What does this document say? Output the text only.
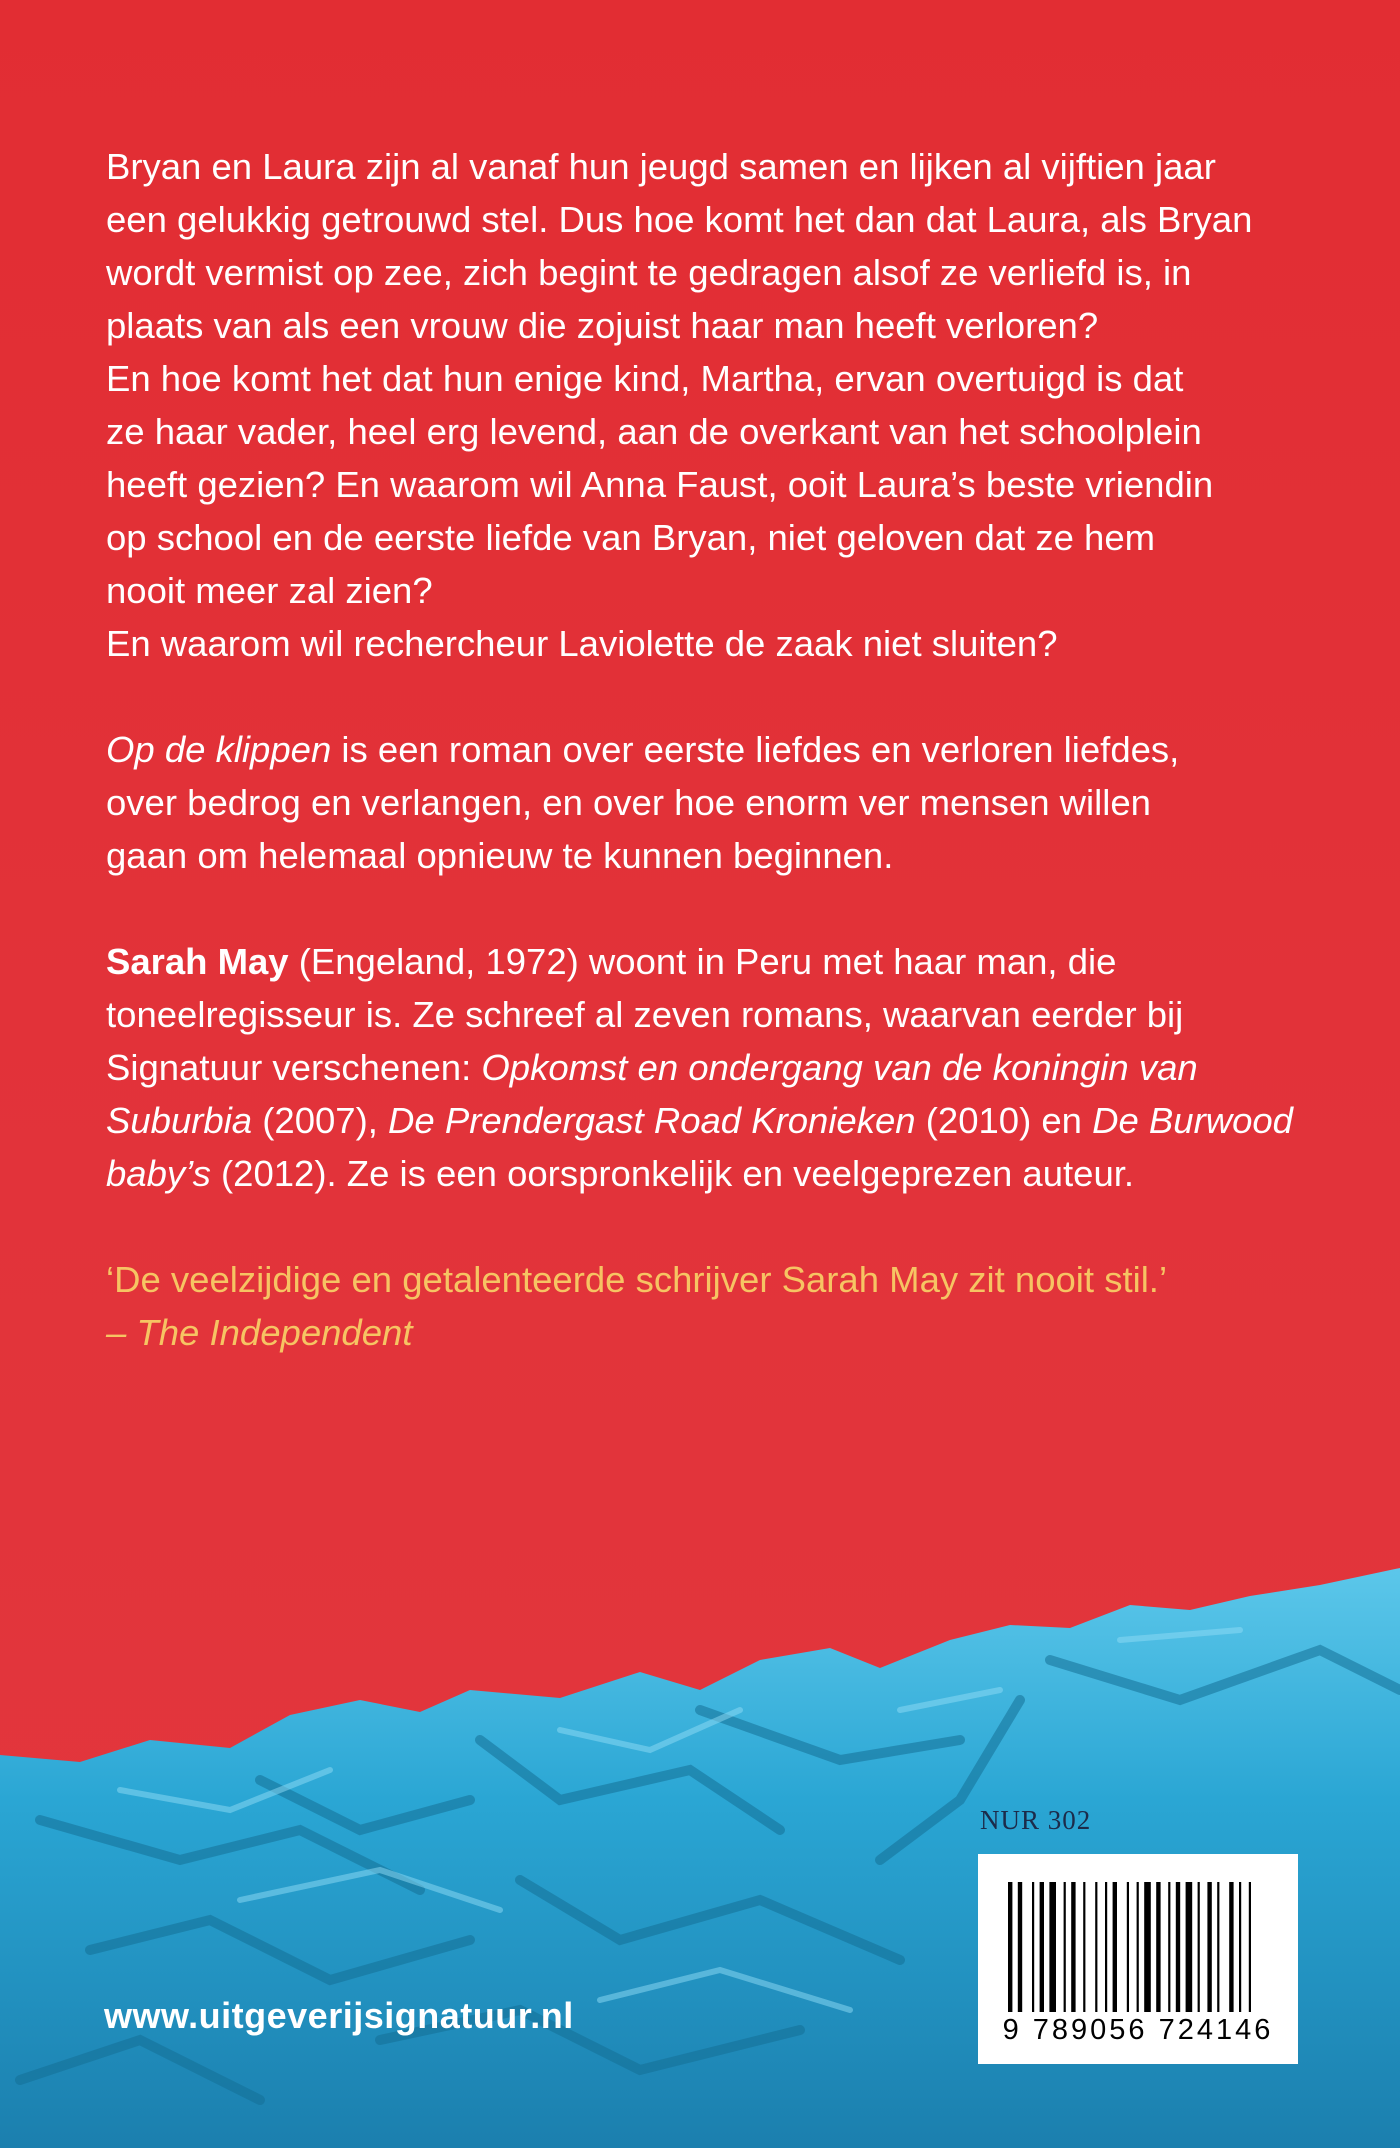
Bryan en Laura zijn al vanaf hun jeugd samen en lijken al vijftien jaar

een gelukkig getrouwd stel. Dus hoe komt het dan dat Laura, als Bryan

wordt vermist op zee, zich begint te gedragen alsof ze verliefd is, in

plaats van als een vrouw die zojuist haar man heeft verloren?

En hoe komt het dat hun enige kind, Martha, ervan overtuigd is dat

ze haar vader, heel erg levend, aan de overkant van het schoolplein

heeft gezien? En waarom wil Anna Faust, ooit Laura’s beste vriendin

op school en de eerste liefde van Bryan, niet geloven dat ze hem

nooit meer zal zien?

En waarom wil rechercheur Laviolette de zaak niet sluiten?

Op de klippen is een roman over eerste liefdes en verloren liefdes,

over bedrog en verlangen, en over hoe enorm ver mensen willen

gaan om helemaal opnieuw te kunnen beginnen.

Sarah May (Engeland, 1972) woont in Peru met haar man, die

toneelregisseur is. Ze schreef al zeven romans, waarvan eerder bij

Signatuur verschenen: Opkomst en ondergang van de koningin van

Suburbia (2007), De Prendergast Road Kronieken (2010) en De Burwood

baby’s (2012). Ze is een oorspronkelijk en veelgeprezen auteur.

‘De veelzijdige en getalenteerde schrijver Sarah May zit nooit stil.’

– The Independent

NUR 302
9 789056 724146
www.uitgeverijsignatuur.nl
